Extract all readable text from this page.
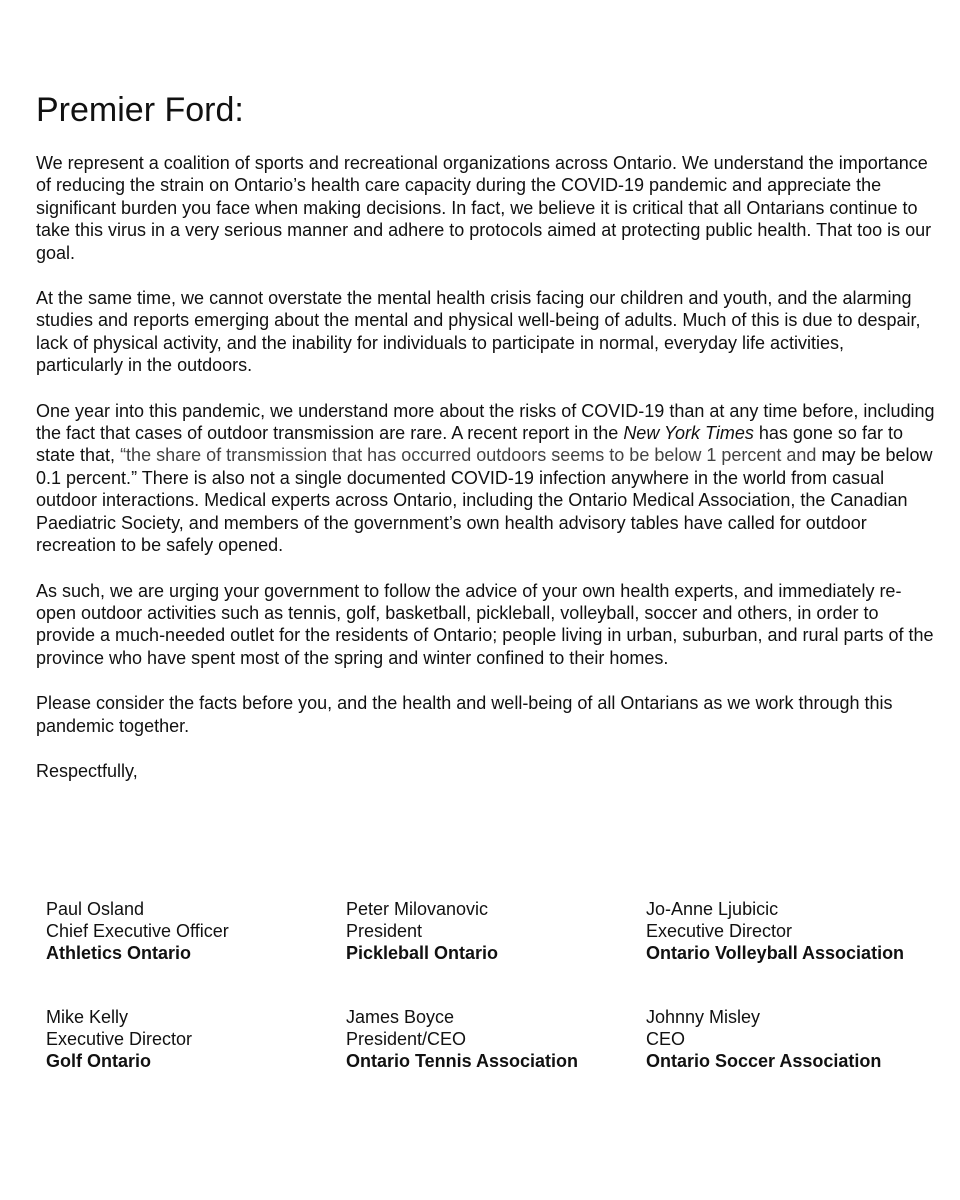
Premier Ford:

We represent a coalition of sports and recreational organizations across Ontario. We understand the importance of reducing the strain on Ontario’s health care capacity during the COVID-19 pandemic and appreciate the significant burden you face when making decisions. In fact, we believe it is critical that all Ontarians continue to take this virus in a very serious manner and adhere to protocols aimed at protecting public health. That too is our goal.

At the same time, we cannot overstate the mental health crisis facing our children and youth, and the alarming studies and reports emerging about the mental and physical well-being of adults. Much of this is due to despair, lack of physical activity, and the inability for individuals to participate in normal, everyday life activities, particularly in the outdoors.

One year into this pandemic, we understand more about the risks of COVID-19 than at any time before, including the fact that cases of outdoor transmission are rare. A recent report in the New York Times has gone so far to state that, “the share of transmission that has occurred outdoors seems to be below 1 percent and may be below 0.1 percent.” There is also not a single documented COVID-19 infection anywhere in the world from casual outdoor interactions. Medical experts across Ontario, including the Ontario Medical Association, the Canadian Paediatric Society, and members of the government’s own health advisory tables have called for outdoor recreation to be safely opened.

As such, we are urging your government to follow the advice of your own health experts, and immediately re-open outdoor activities such as tennis, golf, basketball, pickleball, volleyball, soccer and others, in order to provide a much-needed outlet for the residents of Ontario; people living in urban, suburban, and rural parts of the province who have spent most of the spring and winter confined to their homes.

Please consider the facts before you, and the health and well-being of all Ontarians as we work through this pandemic together.

Respectfully,

Paul Osland
Chief Executive Officer
Athletics Ontario
Peter Milovanovic
President
Pickleball Ontario
Jo-Anne Ljubicic
Executive Director
Ontario Volleyball Association
Mike Kelly
Executive Director
Golf Ontario
James Boyce
President/CEO
Ontario Tennis Association
Johnny Misley
CEO
Ontario Soccer Association
